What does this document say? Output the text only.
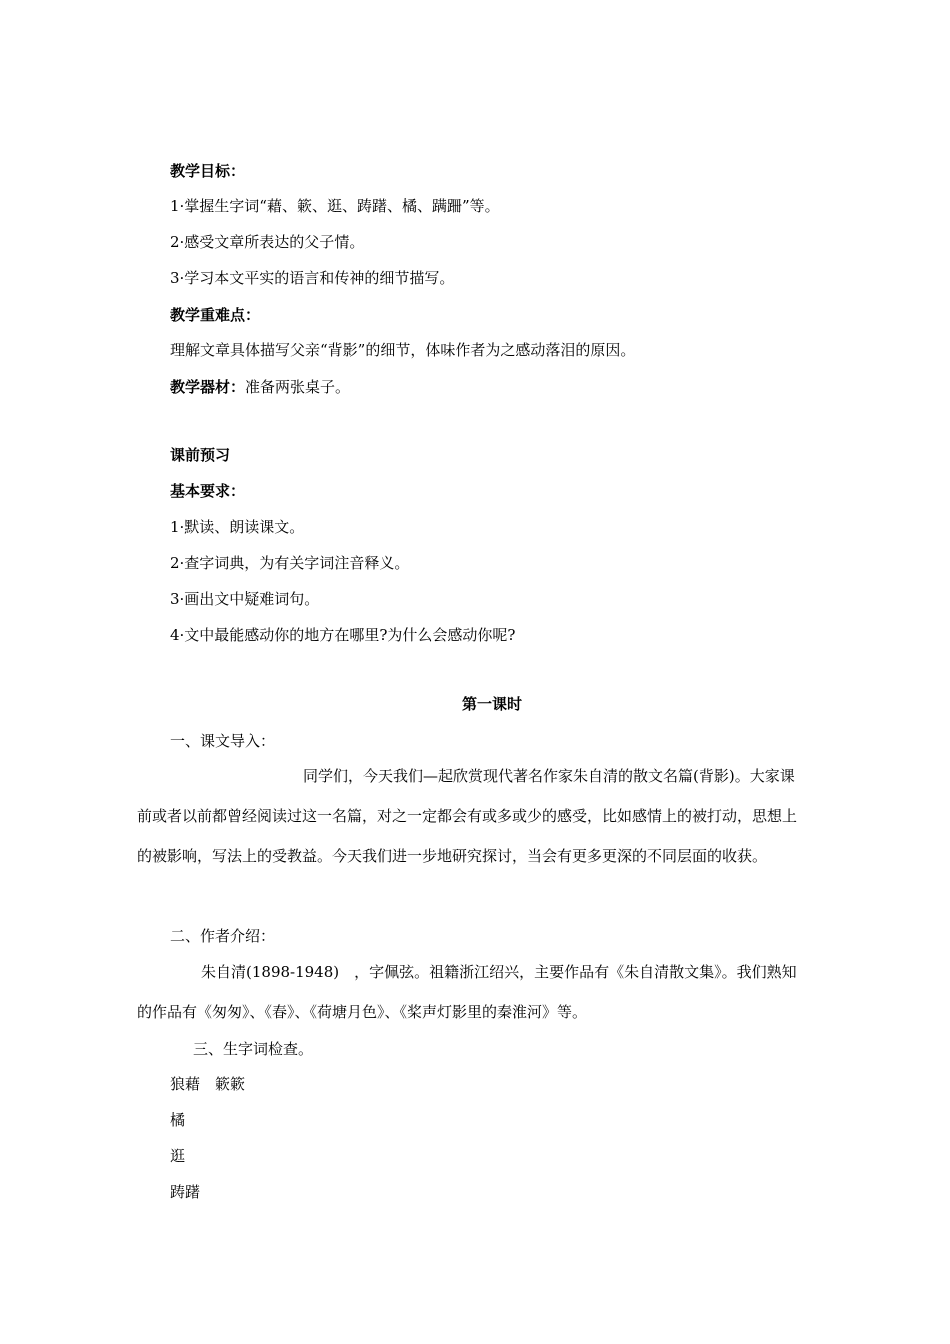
教学目标：
1·掌握生字词“藉、簌、逛、踌躇、橘、蹒跚”等。
2·感受文章所表达的父子情。
3·学习本文平实的语言和传神的细节描写。
教学重难点：
理解文章具体描写父亲“背影”的细节，体味作者为之感动落泪的原因。
教学器材：准备两张桌子。
课前预习
基本要求：
1·默读、朗读课文。
2·查字词典，为有关字词注音释义。
3·画出文中疑难词句。
4·文中最能感动你的地方在哪里?为什么会感动你呢?
第一课时
一、课文导入：
同学们，今天我们—起欣赏现代著名作家朱自清的散文名篇(背影)。大家课前或者以前都曾经阅读过这一名篇，对之一定都会有或多或少的感受，比如感情上的被打动，思想上的被影响，写法上的受教益。今天我们进一步地研究探讨，当会有更多更深的不同层面的收获。
二、作者介绍：
朱自清(1898-1948)　，字佩弦。祖籍浙江绍兴，主要作品有《朱自清散文集》。我们熟知的作品有《匆匆》、《春》、《荷塘月色》、《桨声灯影里的秦淮河》等。
三、生字词检查。
狼藉　簌簌
橘
逛
踌躇
